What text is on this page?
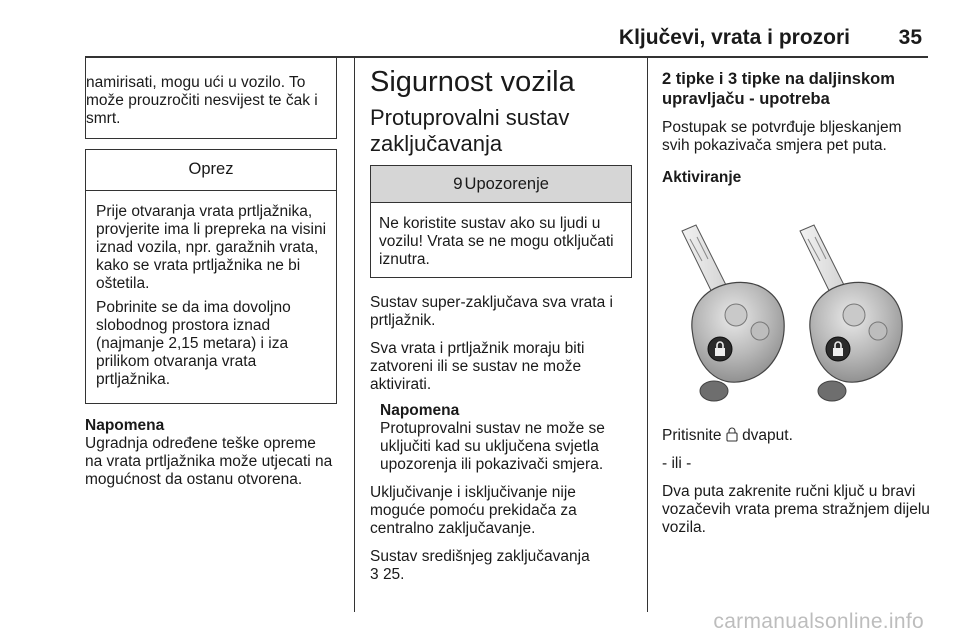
Ključevi, vrata i prozori 35

namirisati, mogu ući u vozilo. To može prouzročiti nesvijest te čak i smrt.

Oprez

Prije otvaranja vrata prtljažnika, provjerite ima li prepreka na visini iznad vozila, npr. garažnih vrata, kako se vrata prtljažnika ne bi oštetila.

Pobrinite se da ima dovoljno slobodnog prostora iznad (najmanje 2,15 metara) i iza prilikom otvaranja vrata prtljažnika.

Napomena

Ugradnja određene teške opreme na vrata prtljažnika može utjecati na mogućnost da ostanu otvorena.

Sigurnost vozila
Protuprovalni sustav zaključavanja
9 Upozorenje

Ne koristite sustav ako su ljudi u vozilu! Vrata se ne mogu otključati iznutra.

Sustav super-zaključava sva vrata i prtljažnik.

Sva vrata i prtljažnik moraju biti zatvoreni ili se sustav ne može aktivirati.

Napomena

Protuprovalni sustav ne može se uključiti kad su uključena svjetla upozorenja ili pokazivači smjera.

Uključivanje i isključivanje nije moguće pomoću prekidača za centralno zaključavanje.

Sustav središnjeg zaključavanja
3 25.

2 tipke i 3 tipke na daljinskom upravljaču - upotreba

Postupak se potvrđuje bljeskanjem svih pokazivača smjera pet puta.

Aktiviranje

Pritisnite dvaput.

- ili -

Dva puta zakrenite ručni ključ u bravi vozačevih vrata prema stražnjem dijelu vozila.

carmanualsonline.info
